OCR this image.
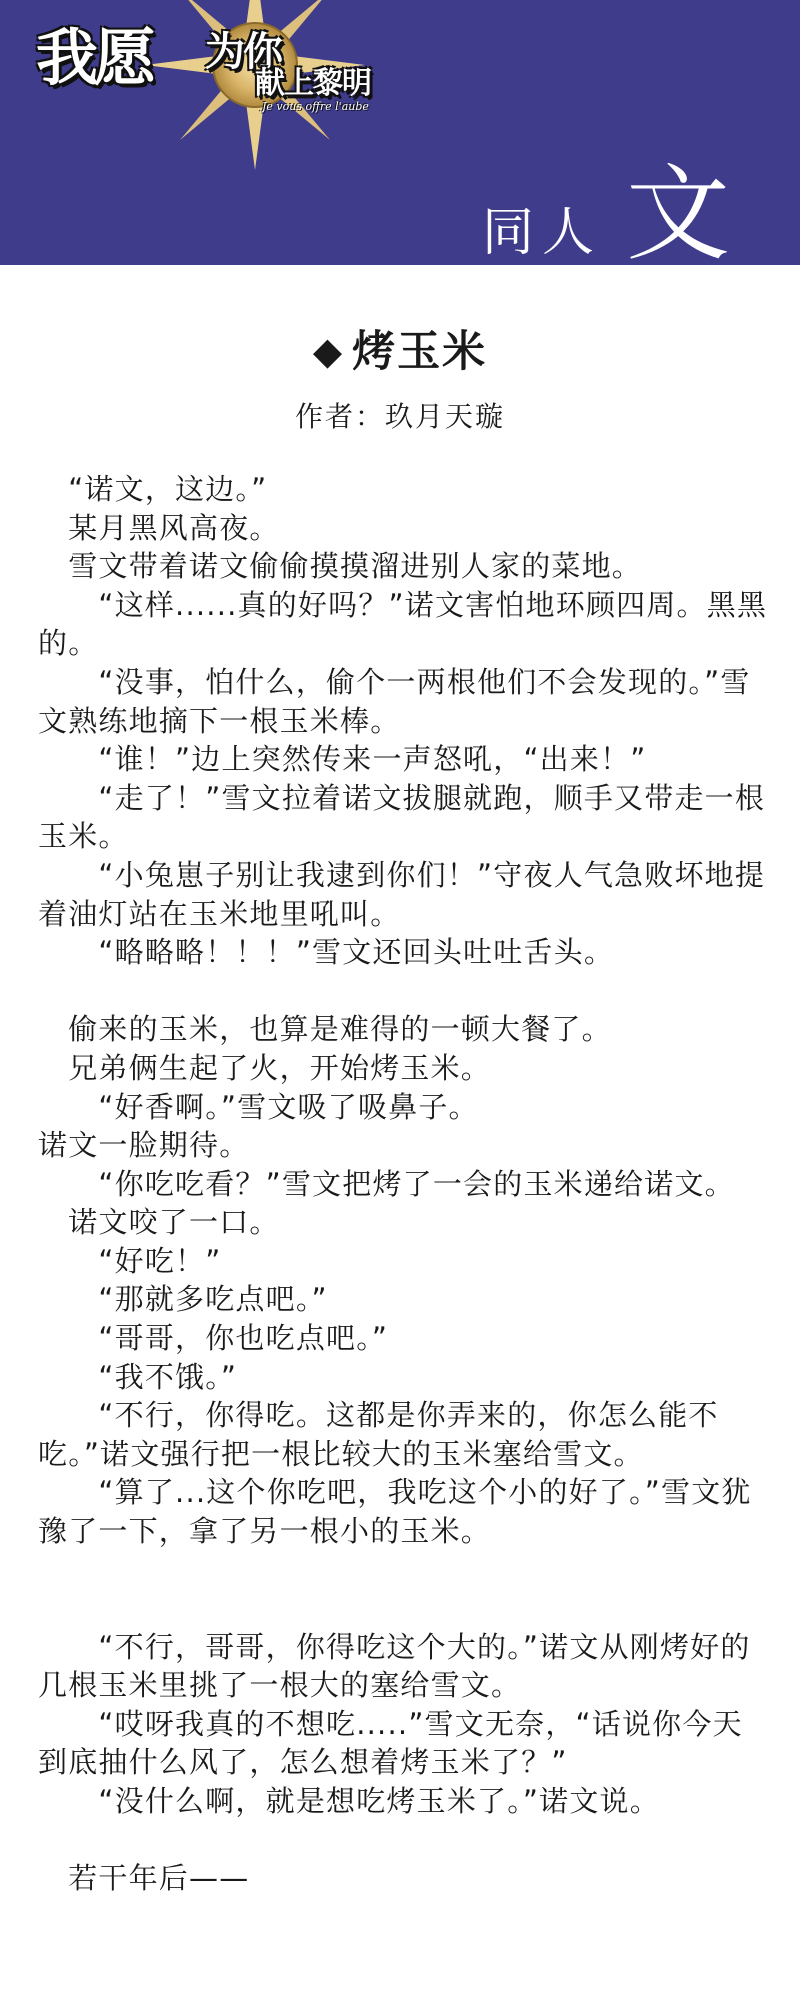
我愿 为你
献上黎明
Je vous offre l'aube
同人 文
◆ 烤玉米
作者：玖月天璇

　“诺文，这边。”

　某月黑风高夜。

　雪文带着诺文偷偷摸摸溜进别人家的菜地。

　　“这样......真的好吗？”诺文害怕地环顾四周。黑黑的。

　　“没事，怕什么，偷个一两根他们不会发现的。”雪文熟练地摘下一根玉米棒。

　　“谁！”边上突然传来一声怒吼，“出来！”

　　“走了！”雪文拉着诺文拔腿就跑，顺手又带走一根玉米。

　　“小兔崽子别让我逮到你们！”守夜人气急败坏地提着油灯站在玉米地里吼叫。

　　“略略略！！！”雪文还回头吐吐舌头。

　偷来的玉米，也算是难得的一顿大餐了。

　兄弟俩生起了火，开始烤玉米。

　　“好香啊。”雪文吸了吸鼻子。

诺文一脸期待。

　　“你吃吃看？”雪文把烤了一会的玉米递给诺文。

　诺文咬了一口。

　　“好吃！”

　　“那就多吃点吧。”

　　“哥哥，你也吃点吧。”

　　“我不饿。”

　　“不行，你得吃。这都是你弄来的，你怎么能不吃。”诺文强行把一根比较大的玉米塞给雪文。

　　“算了...这个你吃吧，我吃这个小的好了。”雪文犹豫了一下，拿了另一根小的玉米。

　　“不行，哥哥，你得吃这个大的。”诺文从刚烤好的几根玉米里挑了一根大的塞给雪文。

　　“哎呀我真的不想吃.....”雪文无奈，“话说你今天到底抽什么风了，怎么想着烤玉米了？”

　　“没什么啊，就是想吃烤玉米了。”诺文说。

　若干年后——
